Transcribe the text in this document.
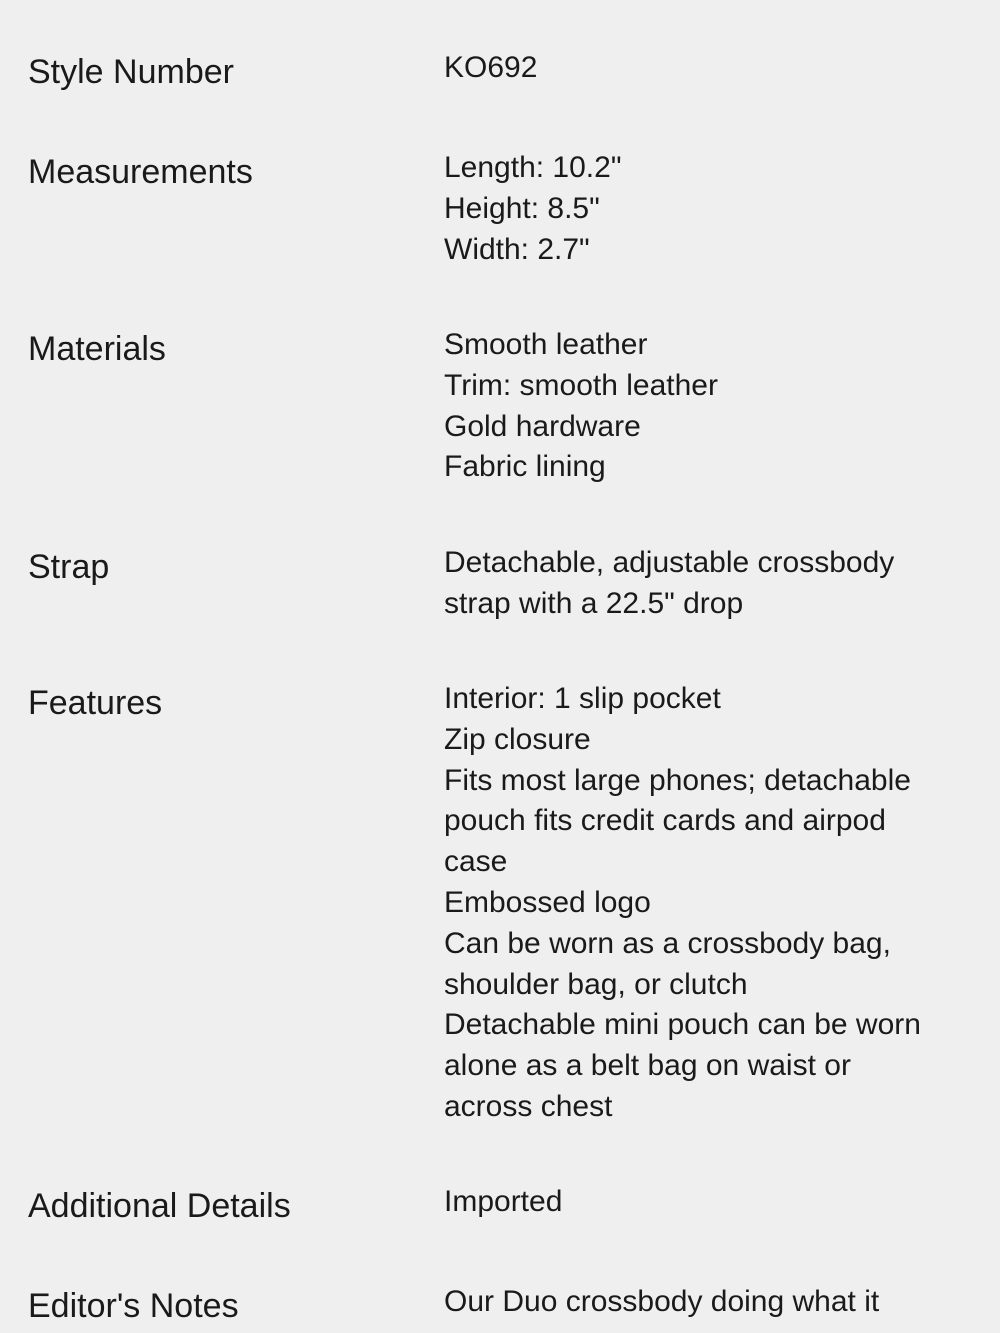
Style Number	KO692
Measurements	Length: 10.2"
Height: 8.5"
Width: 2.7"
Materials	Smooth leather
Trim: smooth leather
Gold hardware
Fabric lining
Strap	Detachable, adjustable crossbody
strap with a 22.5" drop
Features	Interior: 1 slip pocket
Zip closure
Fits most large phones; detachable
pouch fits credit cards and airpod
case
Embossed logo
Can be worn as a crossbody bag,
shoulder bag, or clutch
Detachable mini pouch can be worn
alone as a belt bag on waist or
across chest
Additional Details	Imported
Editor's Notes	Our Duo crossbody doing what it
